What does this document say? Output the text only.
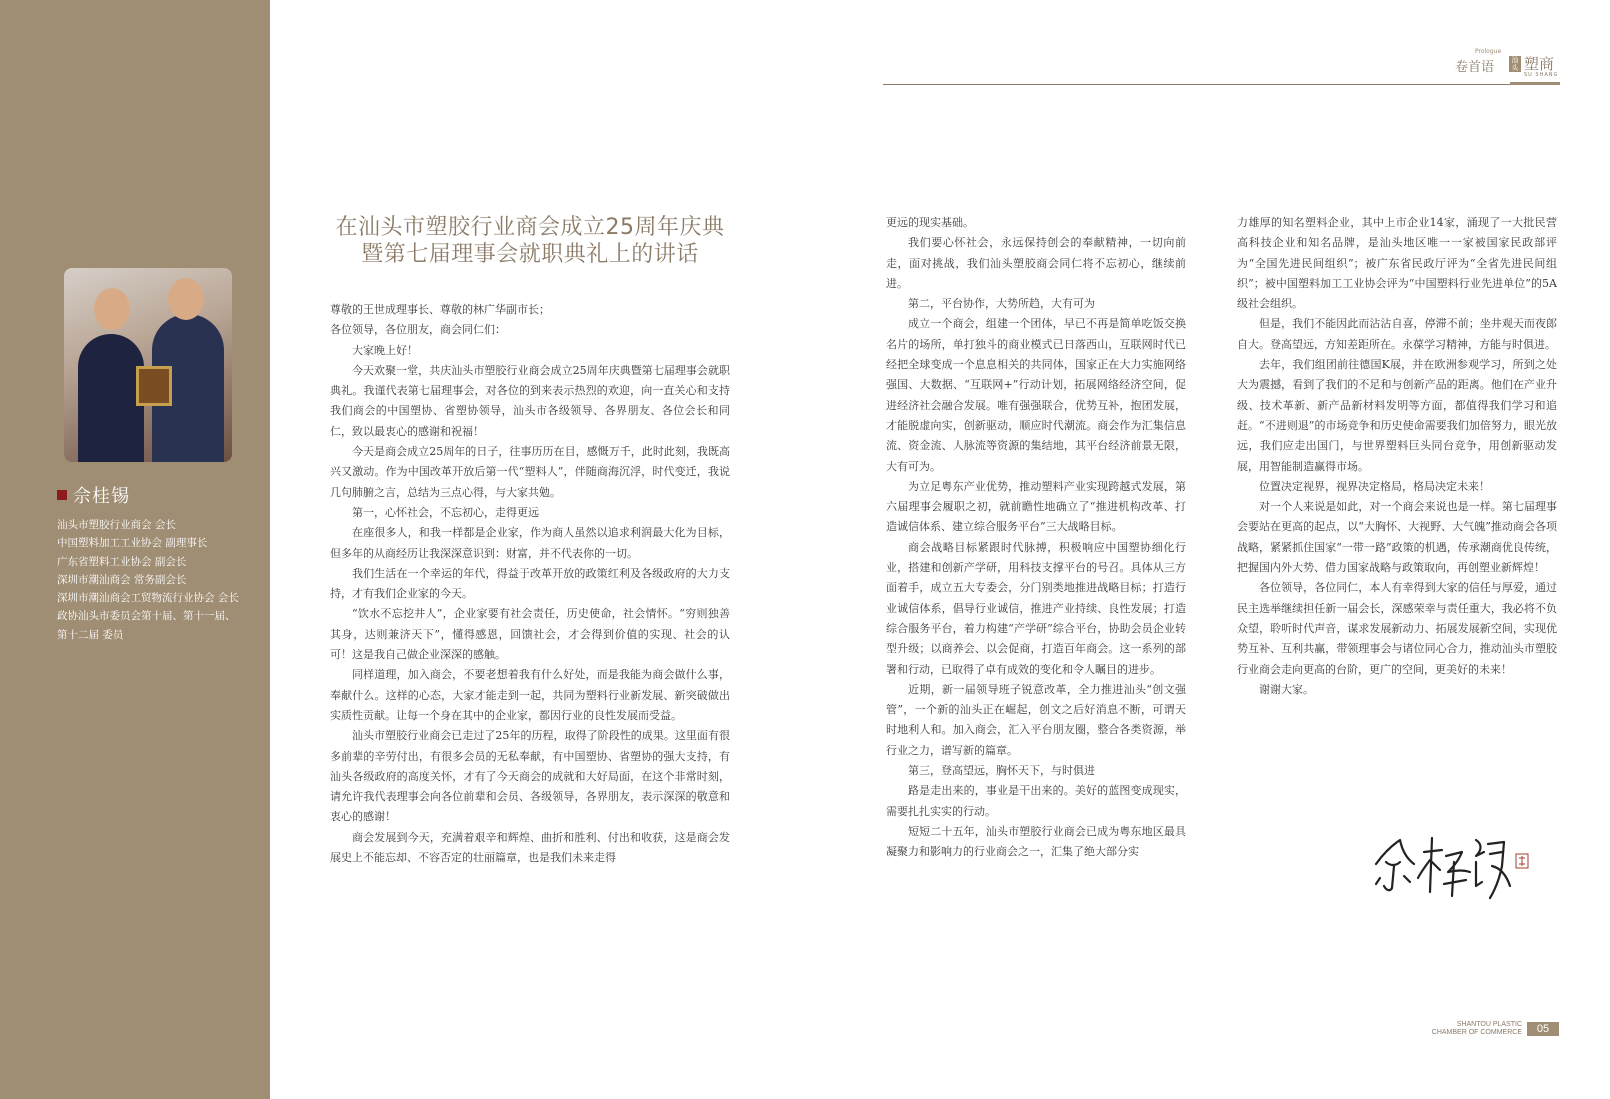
佘桂锡
汕头市塑胶行业商会 会长
中国塑料加工工业协会 副理事长
广东省塑料工业协会 副会长
深圳市潮汕商会 常务副会长
深圳市潮汕商会工贸物流行业协会 会长
政协汕头市委员会第十届、第十一届、
第十二届 委员
Prologue
卷首语	汕头 塑商
SU SHANG
在汕头市塑胶行业商会成立25周年庆典
暨第七届理事会就职典礼上的讲话

尊敬的王世成理事长、尊敬的林广华副市长；

各位领导，各位朋友，商会同仁们：

大家晚上好！

今天欢聚一堂，共庆汕头市塑胶行业商会成立25周年庆典暨第七届理事会就职典礼。我谨代表第七届理事会，对各位的到来表示热烈的欢迎，向一直关心和支持我们商会的中国塑协、省塑协领导，汕头市各级领导、各界朋友、各位会长和同仁，致以最衷心的感谢和祝福！

今天是商会成立25周年的日子，往事历历在目，感慨万千，此时此刻，我既高兴又激动。作为中国改革开放后第一代“塑料人”，伴随商海沉浮，时代变迁，我说几句肺腑之言，总结为三点心得，与大家共勉。

第一，心怀社会，不忘初心，走得更远

在座很多人，和我一样都是企业家，作为商人虽然以追求利润最大化为目标，但多年的从商经历让我深深意识到：财富，并不代表你的一切。

我们生活在一个幸运的年代，得益于改革开放的政策红利及各级政府的大力支持，才有我们企业家的今天。

“饮水不忘挖井人”，企业家要有社会责任，历史使命，社会情怀。“穷则独善其身，达则兼济天下”，懂得感恩，回馈社会，才会得到价值的实现、社会的认可！这是我自己做企业深深的感触。

同样道理，加入商会，不要老想着我有什么好处，而是我能为商会做什么事，奉献什么。这样的心态，大家才能走到一起，共同为塑料行业新发展、新突破做出实质性贡献。让每一个身在其中的企业家，都因行业的良性发展而受益。

汕头市塑胶行业商会已走过了25年的历程，取得了阶段性的成果。这里面有很多前辈的辛劳付出，有很多会员的无私奉献，有中国塑协、省塑协的强大支持，有汕头各级政府的高度关怀，才有了今天商会的成就和大好局面，在这个非常时刻，请允许我代表理事会向各位前辈和会员、各级领导，各界朋友，表示深深的敬意和衷心的感谢！

商会发展到今天，充满着艰辛和辉煌、曲折和胜利、付出和收获，这是商会发展史上不能忘却、不容否定的壮丽篇章，也是我们未来走得

更远的现实基础。

我们要心怀社会，永远保持创会的奉献精神，一切向前走，面对挑战，我们汕头塑胶商会同仁将不忘初心，继续前进。

第二，平台协作，大势所趋，大有可为

成立一个商会，组建一个团体，早已不再是简单吃饭交换名片的场所，单打独斗的商业模式已日落西山，互联网时代已经把全球变成一个息息相关的共同体，国家正在大力实施网络强国、大数据、“互联网+”行动计划，拓展网络经济空间，促进经济社会融合发展。唯有强强联合，优势互补，抱团发展，才能脱虚向实，创新驱动，顺应时代潮流。商会作为汇集信息流、资金流、人脉流等资源的集结地，其平台经济前景无限，大有可为。

为立足粤东产业优势，推动塑料产业实现跨越式发展，第六届理事会履职之初，就前瞻性地确立了“推进机构改革、打造诚信体系、建立综合服务平台”三大战略目标。

商会战略目标紧跟时代脉搏，积极响应中国塑协细化行业，搭建和创新产学研，用科技支撑平台的号召。具体从三方面着手，成立五大专委会，分门别类地推进战略目标；打造行业诚信体系，倡导行业诚信，推进产业持续、良性发展；打造综合服务平台，着力构建“产学研”综合平台，协助会员企业转型升级；以商养会、以会促商，打造百年商会。这一系列的部署和行动，已取得了卓有成效的变化和令人瞩目的进步。

近期，新一届领导班子锐意改革，全力推进汕头“创文强管”，一个新的汕头正在崛起，创文之后好消息不断，可谓天时地利人和。加入商会，汇入平台朋友圈，整合各类资源，举行业之力，谱写新的篇章。

第三，登高望远，胸怀天下，与时俱进

路是走出来的，事业是干出来的。美好的蓝图变成现实，需要扎扎实实的行动。

短短二十五年，汕头市塑胶行业商会已成为粤东地区最具凝聚力和影响力的行业商会之一，汇集了绝大部分实

力雄厚的知名塑料企业，其中上市企业14家，涌现了一大批民营高科技企业和知名品牌，是汕头地区唯一一家被国家民政部评为“全国先进民间组织”；被广东省民政厅评为“全省先进民间组织”；被中国塑料加工工业协会评为“中国塑料行业先进单位”的5A级社会组织。

但是，我们不能因此而沾沾自喜，停滞不前；坐井观天而夜郎自大。登高望远，方知差距所在。永葆学习精神，方能与时俱进。

去年，我们组团前往德国K展，并在欧洲参观学习，所到之处大为震撼，看到了我们的不足和与创新产品的距离。他们在产业升级、技术革新、新产品新材料发明等方面，都值得我们学习和追赶。“不进则退”的市场竞争和历史使命需要我们加倍努力，眼光放远，我们应走出国门，与世界塑料巨头同台竞争，用创新驱动发展，用智能制造赢得市场。

位置决定视界，视界决定格局，格局决定未来！

对一个人来说是如此，对一个商会来说也是一样。第七届理事会要站在更高的起点，以“大胸怀、大视野、大气魄”推动商会各项战略，紧紧抓住国家“一带一路”政策的机遇，传承潮商优良传统，把握国内外大势、借力国家战略与政策取向，再创塑业新辉煌！

各位领导，各位同仁，本人有幸得到大家的信任与厚爱，通过民主选举继续担任新一届会长，深感荣幸与责任重大，我必将不负众望，聆听时代声音，谋求发展新动力、拓展发展新空间，实现优势互补、互利共赢，带领理事会与诸位同心合力，推动汕头市塑胶行业商会走向更高的台阶，更广的空间，更美好的未来！

谢谢大家。

SHANTOU PLASTIC
CHAMBER OF COMMERCE	05
